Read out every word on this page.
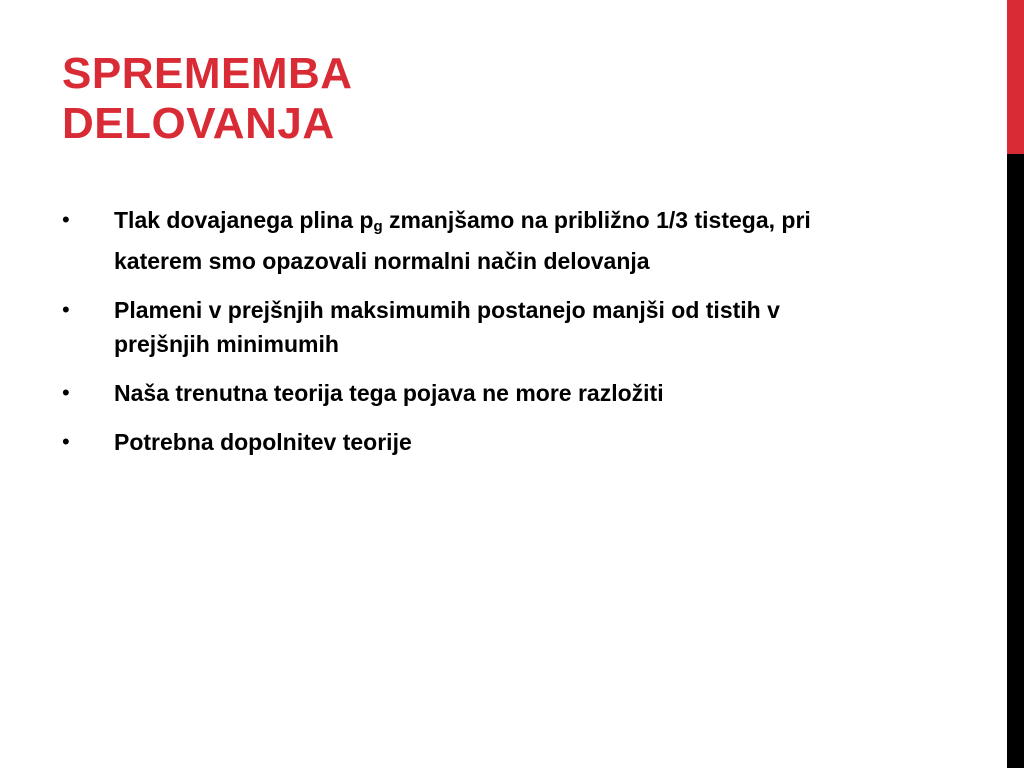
SPREMEMBA
DELOVANJA
• Tlak dovajanega plina $p_g$ zmanjšamo na približno 1/3 tistega, pri katerem smo opazovali normalni način delovanja
• Plameni v prejšnjih maksimumih postanejo manjši od tistih v prejšnjih minimumih
• Naša trenutna teorija tega pojava ne more razložiti
• Potrebna dopolnitev teorije
